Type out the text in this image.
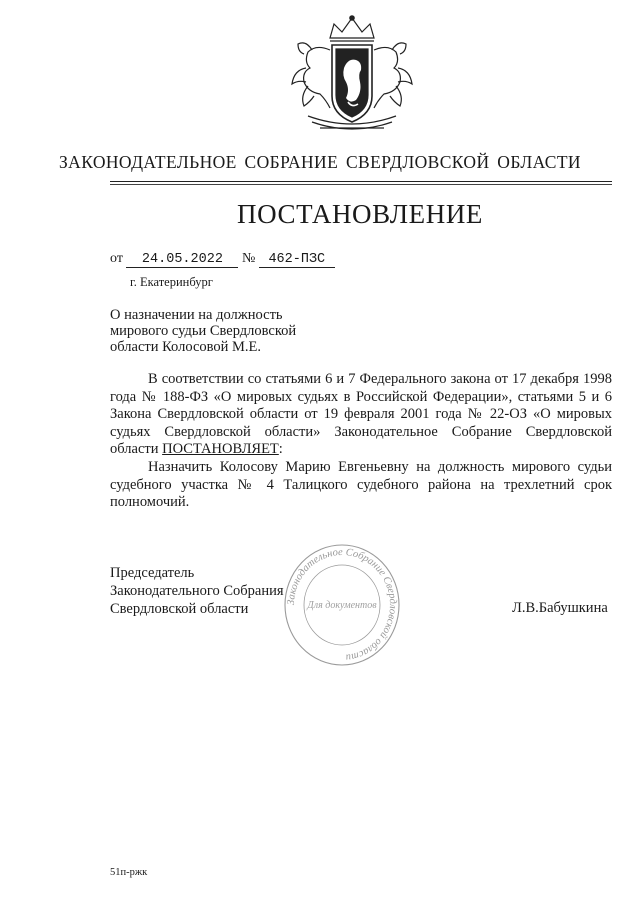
ЗАКОНОДАТЕЛЬНОЕ СОБРАНИЕ СВЕРДЛОВСКОЙ ОБЛАСТИ
ПОСТАНОВЛЕНИЕ
от 24.05.2022 № 462-ПЗС
г. Екатеринбург
О назначении на должность
мирового судьи Свердловской
области Колосовой М.Е.

В соответствии со статьями 6 и 7 Федерального закона от 17 декабря 1998 года № 188-ФЗ «О мировых судьях в Российской Федерации», статьями 5 и 6 Закона Свердловской области от 19 февраля 2001 года № 22-ОЗ «О мировых судьях Свердловской области» Законодательное Собрание Свердловской области ПОСТАНОВЛЯЕТ:

Назначить Колосову Марию Евгеньевну на должность мирового судьи судебного участка № 4 Талицкого судебного района на трехлетний срок полномочий.

Законодательное Собрание Свердловской области
Для документов
Председатель
Законодательного Собрания
Свердловской области	Л.В.Бабушкина
51п-ржк
